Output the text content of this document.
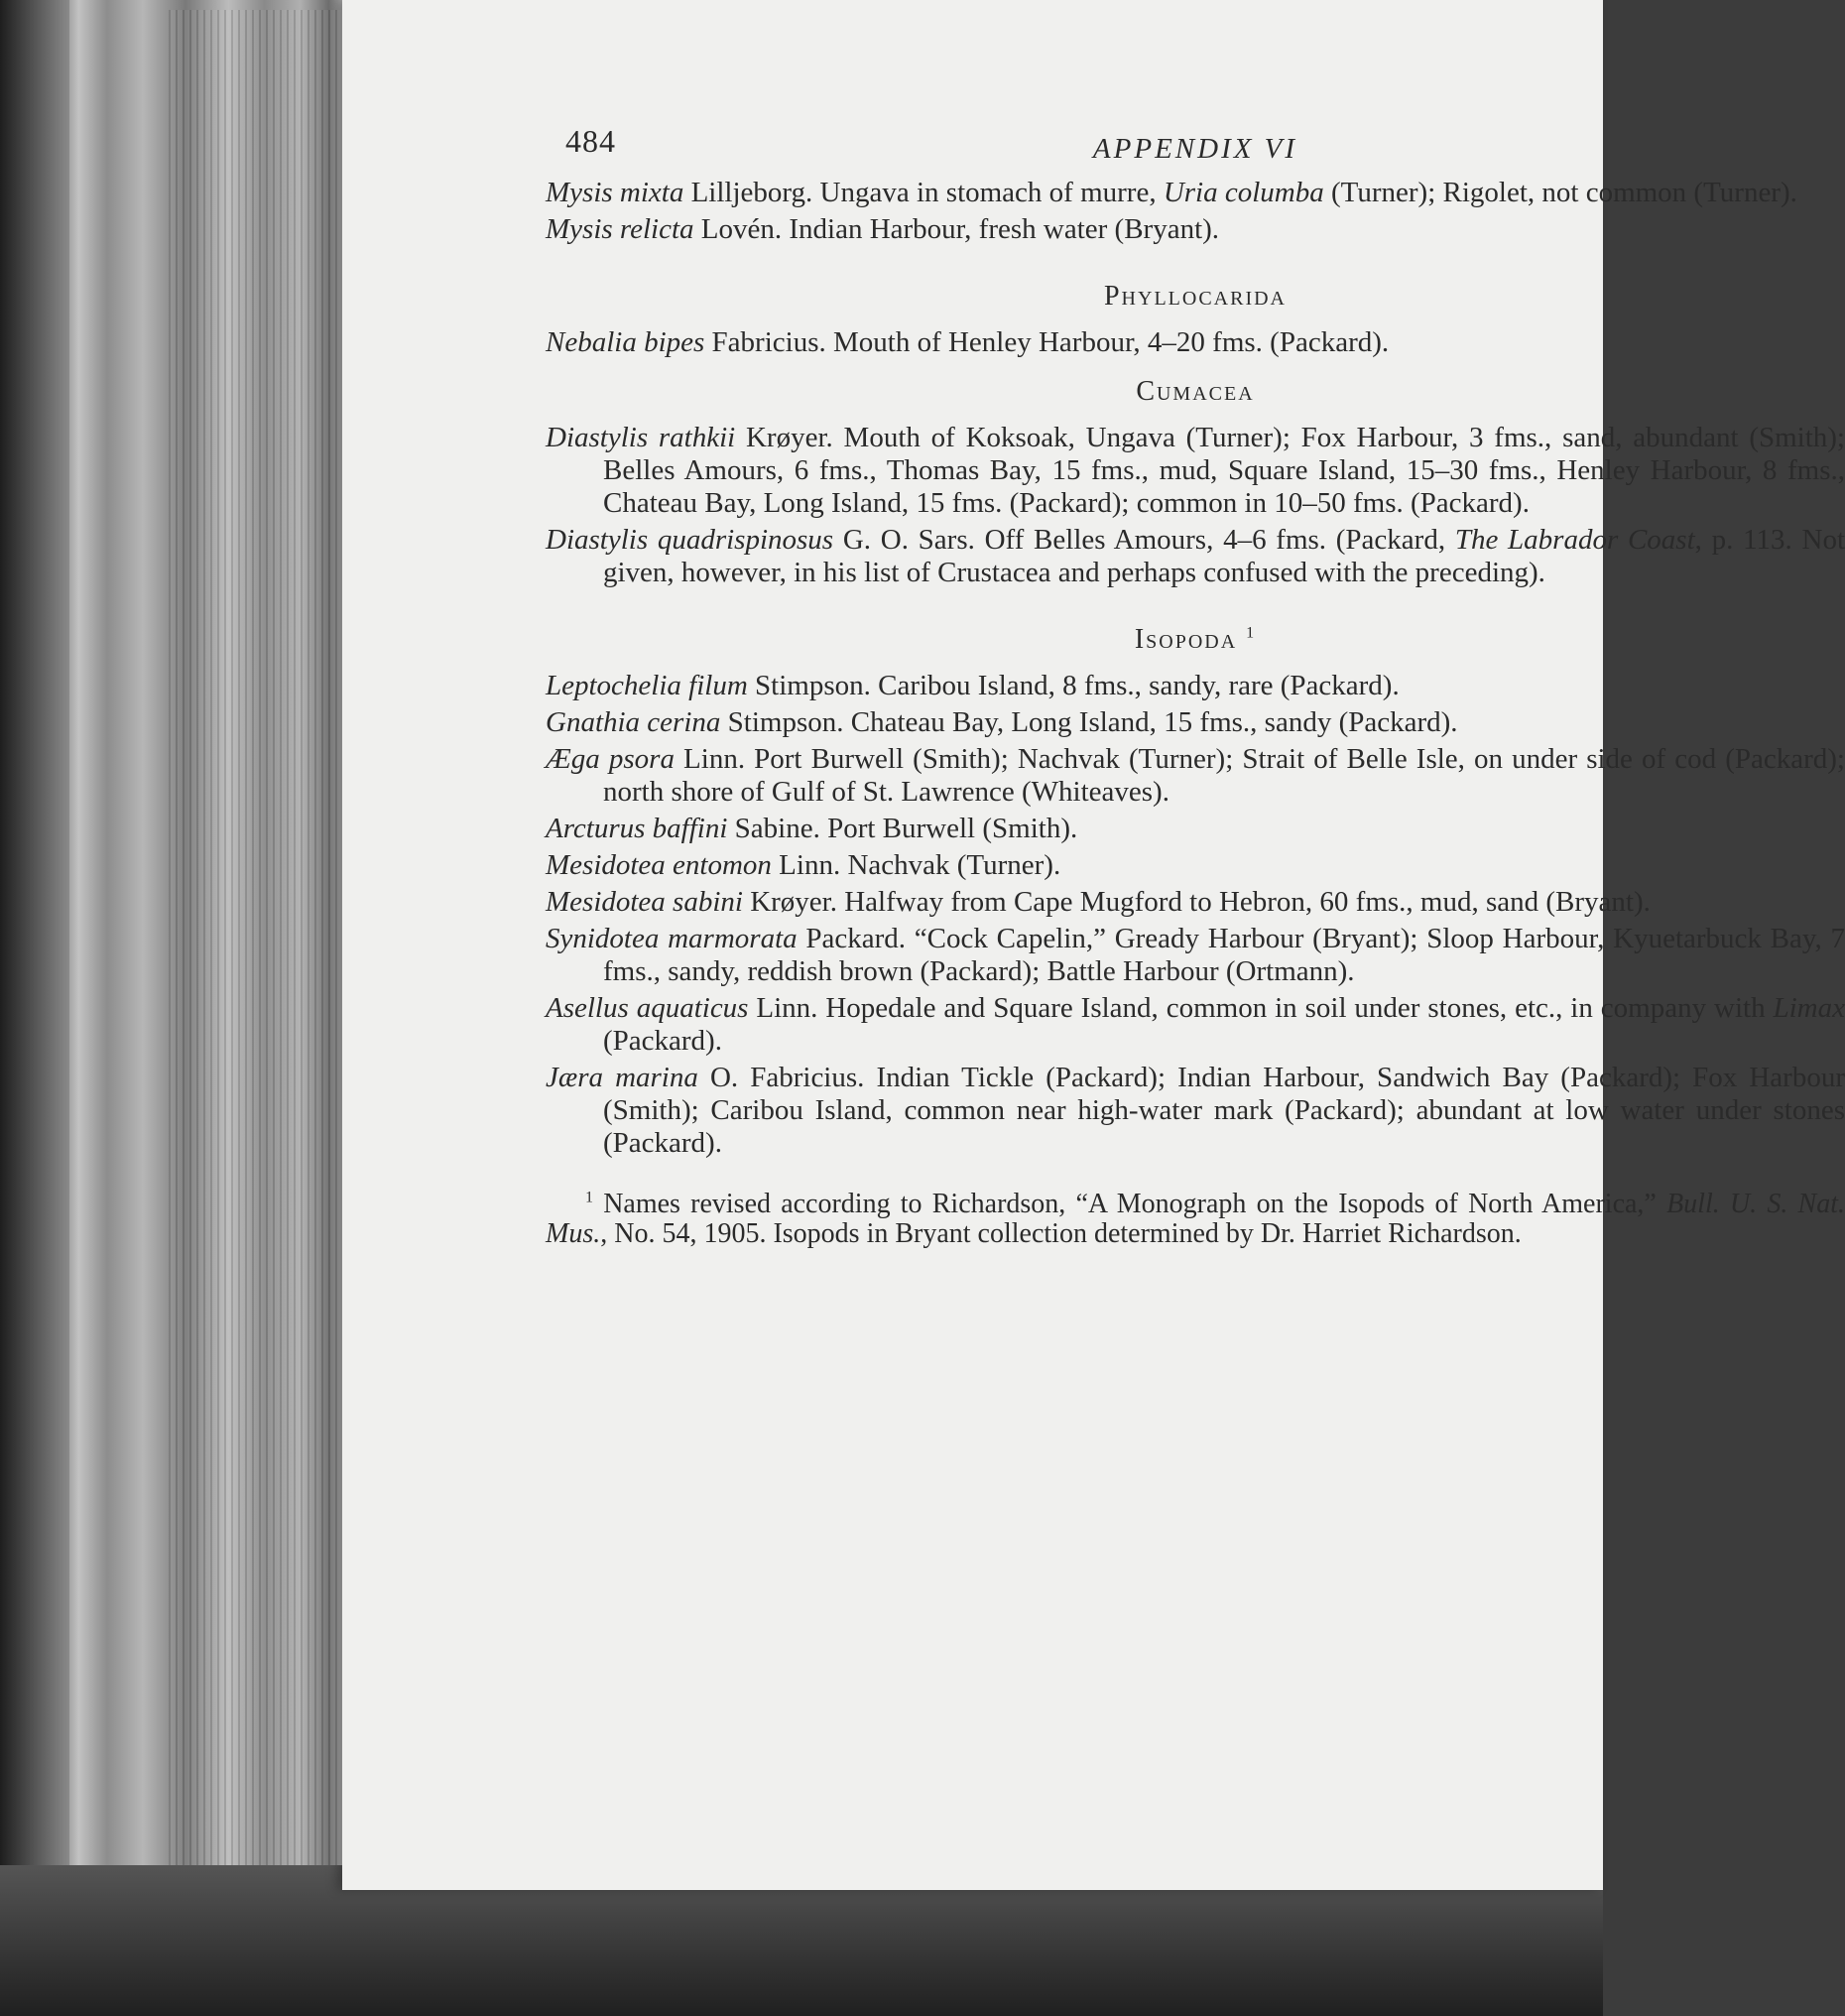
484	APPENDIX VI

Mysis mixta Lilljeborg. Ungava in stomach of murre, Uria columba (Turner); Rigolet, not common (Turner).

Mysis relicta Lovén. Indian Harbour, fresh water (Bryant).

Phyllocarida

Nebalia bipes Fabricius. Mouth of Henley Harbour, 4–20 fms. (Packard).

Cumacea

Diastylis rathkii Krøyer. Mouth of Koksoak, Ungava (Turner); Fox Harbour, 3 fms., sand, abundant (Smith); Belles Amours, 6 fms., Thomas Bay, 15 fms., mud, Square Island, 15–30 fms., Henley Harbour, 8 fms., Chateau Bay, Long Island, 15 fms. (Packard); common in 10–50 fms. (Packard).

Diastylis quadrispinosus G. O. Sars. Off Belles Amours, 4–6 fms. (Packard, The Labrador Coast, p. 113. Not given, however, in his list of Crustacea and perhaps confused with the preceding).

Isopoda $^1$

Leptochelia filum Stimpson. Caribou Island, 8 fms., sandy, rare (Packard).

Gnathia cerina Stimpson. Chateau Bay, Long Island, 15 fms., sandy (Packard).

Æga psora Linn. Port Burwell (Smith); Nachvak (Turner); Strait of Belle Isle, on under side of cod (Packard); north shore of Gulf of St. Lawrence (Whiteaves).

Arcturus baffini Sabine. Port Burwell (Smith).

Mesidotea entomon Linn. Nachvak (Turner).

Mesidotea sabini Krøyer. Halfway from Cape Mugford to Hebron, 60 fms., mud, sand (Bryant).

Synidotea marmorata Packard. “Cock Capelin,” Gready Harbour (Bryant); Sloop Harbour, Kyuetarbuck Bay, 7 fms., sandy, reddish brown (Packard); Battle Harbour (Ortmann).

Asellus aquaticus Linn. Hopedale and Square Island, common in soil under stones, etc., in company with Limax (Packard).

Jæra marina O. Fabricius. Indian Tickle (Packard); Indian Harbour, Sandwich Bay (Packard); Fox Harbour (Smith); Caribou Island, common near high-water mark (Packard); abundant at low water under stones (Packard).

$^1$ Names revised according to Richardson, “A Monograph on the Isopods of North America,” Bull. U. S. Nat. Mus., No. 54, 1905. Isopods in Bryant collection determined by Dr. Harriet Richardson.
